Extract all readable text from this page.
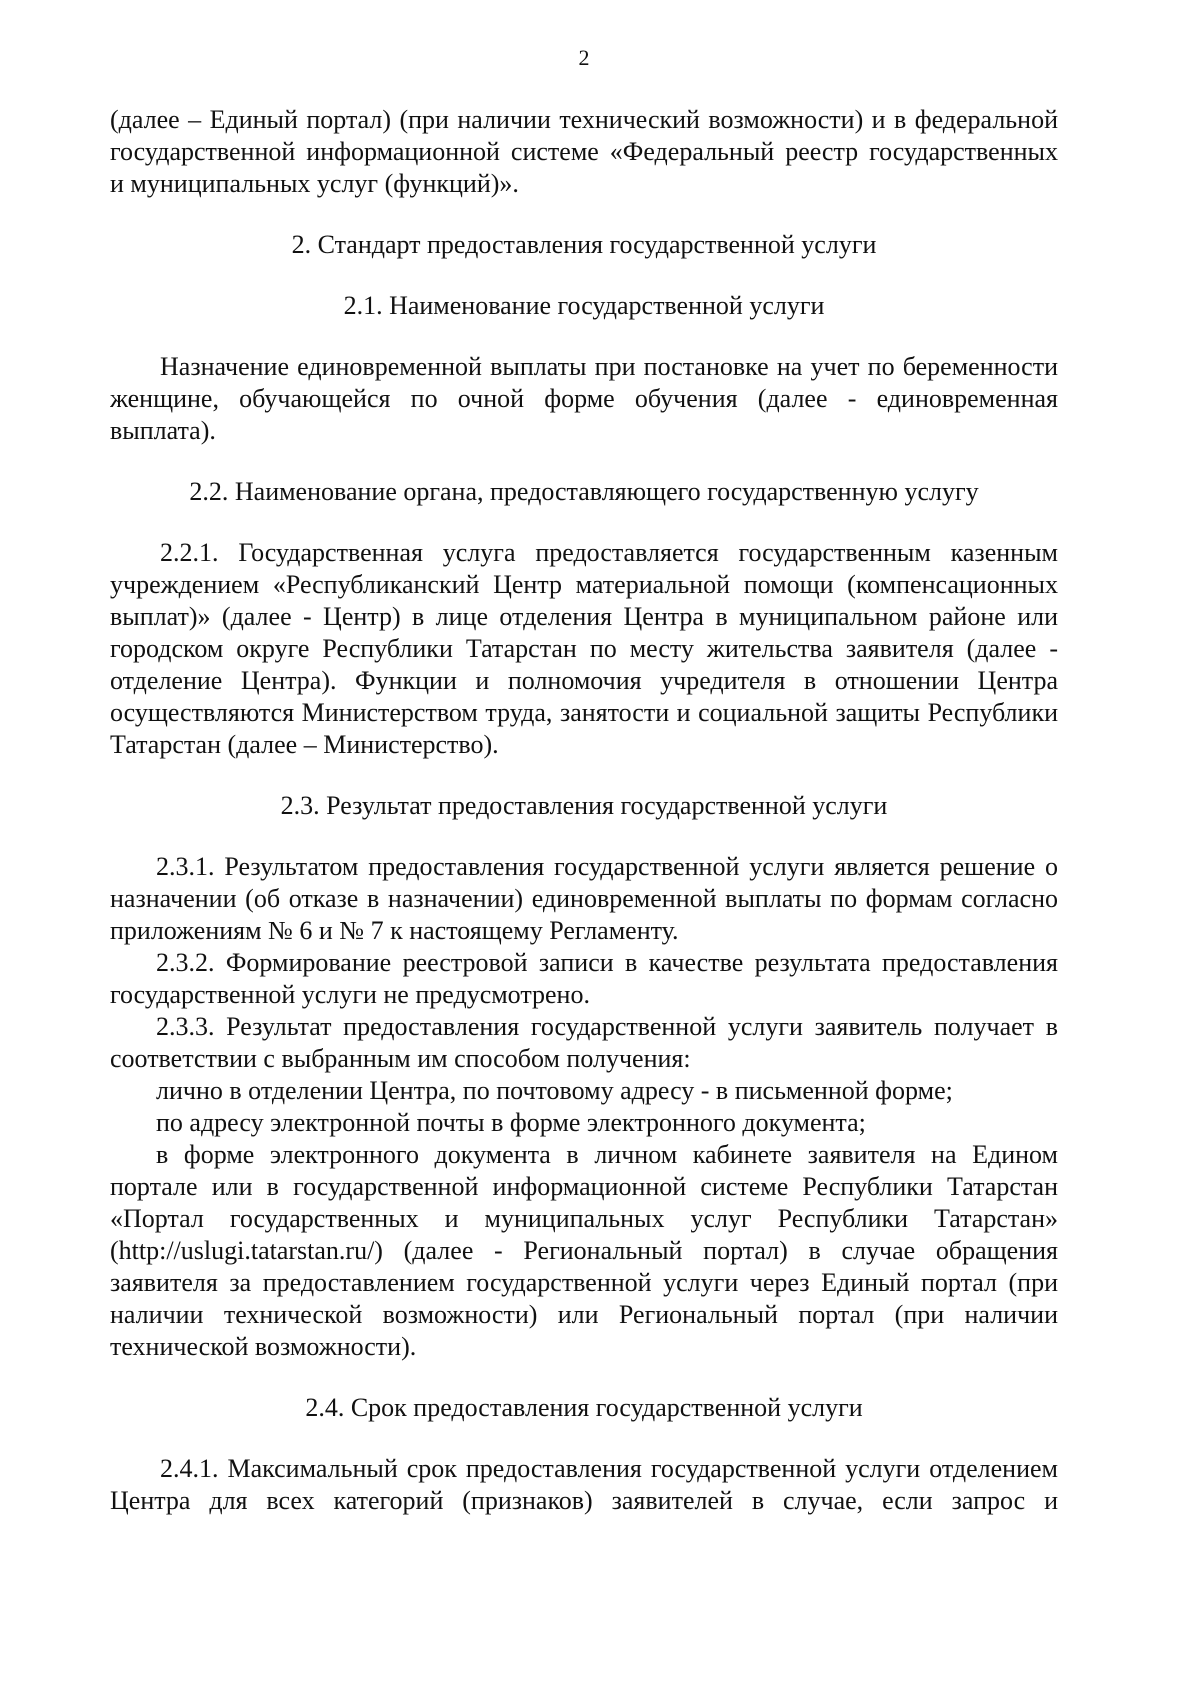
2
(далее – Единый портал) (при наличии технический возможности) и в федеральной
государственной информационной системе «Федеральный реестр государственных
и муниципальных услуг (функций)».
2. Стандарт предоставления государственной услуги
2.1. Наименование государственной услуги
Назначение единовременной выплаты при постановке на учет по беременности
женщине, обучающейся по очной форме обучения (далее - единовременная
выплата).
2.2. Наименование органа, предоставляющего государственную услугу
2.2.1. Государственная услуга предоставляется государственным казенным
учреждением «Республиканский Центр материальной помощи (компенсационных
выплат)» (далее - Центр) в лице отделения Центра в муниципальном районе или
городском округе Республики Татарстан по месту жительства заявителя (далее -
отделение Центра). Функции и полномочия учредителя в отношении Центра
осуществляются Министерством труда, занятости и социальной защиты Республики
Татарстан (далее – Министерство).
2.3. Результат предоставления государственной услуги
2.3.1. Результатом предоставления государственной услуги является решение о
назначении (об отказе в назначении) единовременной выплаты по формам согласно
приложениям № 6 и № 7 к настоящему Регламенту.
2.3.2. Формирование реестровой записи в качестве результата предоставления
государственной услуги не предусмотрено.
2.3.3. Результат предоставления государственной услуги заявитель получает в
соответствии с выбранным им способом получения:
лично в отделении Центра, по почтовому адресу - в письменной форме;
по адресу электронной почты в форме электронного документа;
в форме электронного документа в личном кабинете заявителя на Едином
портале или в государственной информационной системе Республики Татарстан
«Портал государственных и муниципальных услуг Республики Татарстан»
(http://uslugi.tatarstan.ru/) (далее - Региональный портал) в случае обращения
заявителя за предоставлением государственной услуги через Единый портал (при
наличии технической возможности) или Региональный портал (при наличии
технической возможности).
2.4. Срок предоставления государственной услуги
2.4.1. Максимальный срок предоставления государственной услуги отделением
Центра для всех категорий (признаков) заявителей в случае, если запрос и
